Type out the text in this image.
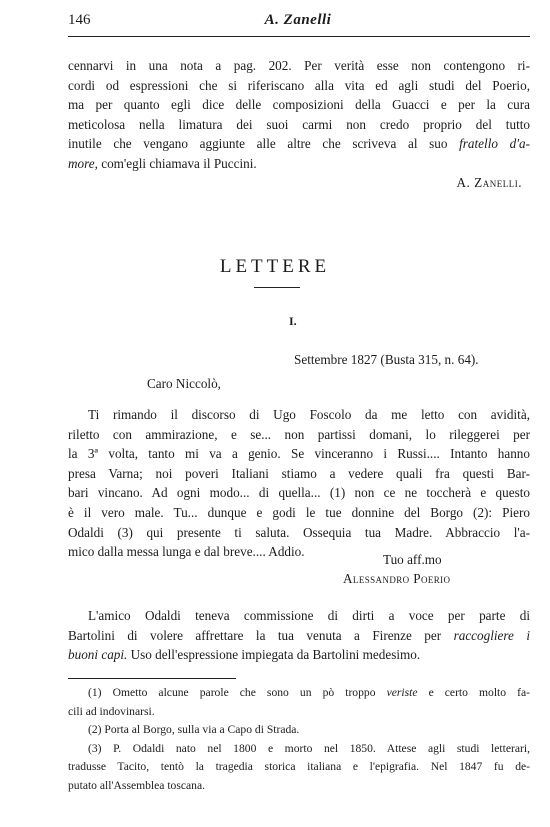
146	A. Zanelli
cennarvi in una nota a pag. 202. Per verità esse non contengono ri-
cordi od espressioni che si riferiscano alla vita ed agli studi del Poerio,
ma per quanto egli dice delle composizioni della Guacci e per la cura
meticolosa nella limatura dei suoi carmi non credo proprio del tutto
inutile che vengano aggiunte alle altre che scriveva al suo fratello d'a-
more, com'egli chiamava il Puccini.
A. Zanelli.
LETTERE
I.
Settembre 1827 (Busta 315, n. 64).
Caro Niccolò,
Ti rimando il discorso di Ugo Foscolo da me letto con avidità,
riletto con ammirazione, e se... non partissi domani, lo rileggerei per
la 3ª volta, tanto mi va a genio. Se vinceranno i Russi.... Intanto hanno
presa Varna; noi poveri Italiani stiamo a vedere quali fra questi Bar-
bari vincano. Ad ogni modo... di quella... (1) non ce ne toccherà e questo
è il vero male. Tu... dunque e godi le tue donnine del Borgo (2): Piero
Odaldi (3) qui presente ti saluta. Ossequia tua Madre. Abbraccio l'a-
mico dalla messa lunga e dal breve.... Addio.
Tuo aff.mo
Alessandro Poerio
L'amico Odaldi teneva commissione di dirti a voce per parte di
Bartolini di volere affrettare la tua venuta a Firenze per raccogliere i
buoni capi. Uso dell'espressione impiegata da Bartolini medesimo.
(1) Ometto alcune parole che sono un pò troppo veriste e certo molto fa-
cili ad indovinarsi.
(2) Porta al Borgo, sulla via a Capo di Strada.
(3) P. Odaldi nato nel 1800 e morto nel 1850. Attese agli studi letterari,
tradusse Tacito, tentò la tragedia storica italiana e l'epigrafia. Nel 1847 fu de-
putato all'Assemblea toscana.
